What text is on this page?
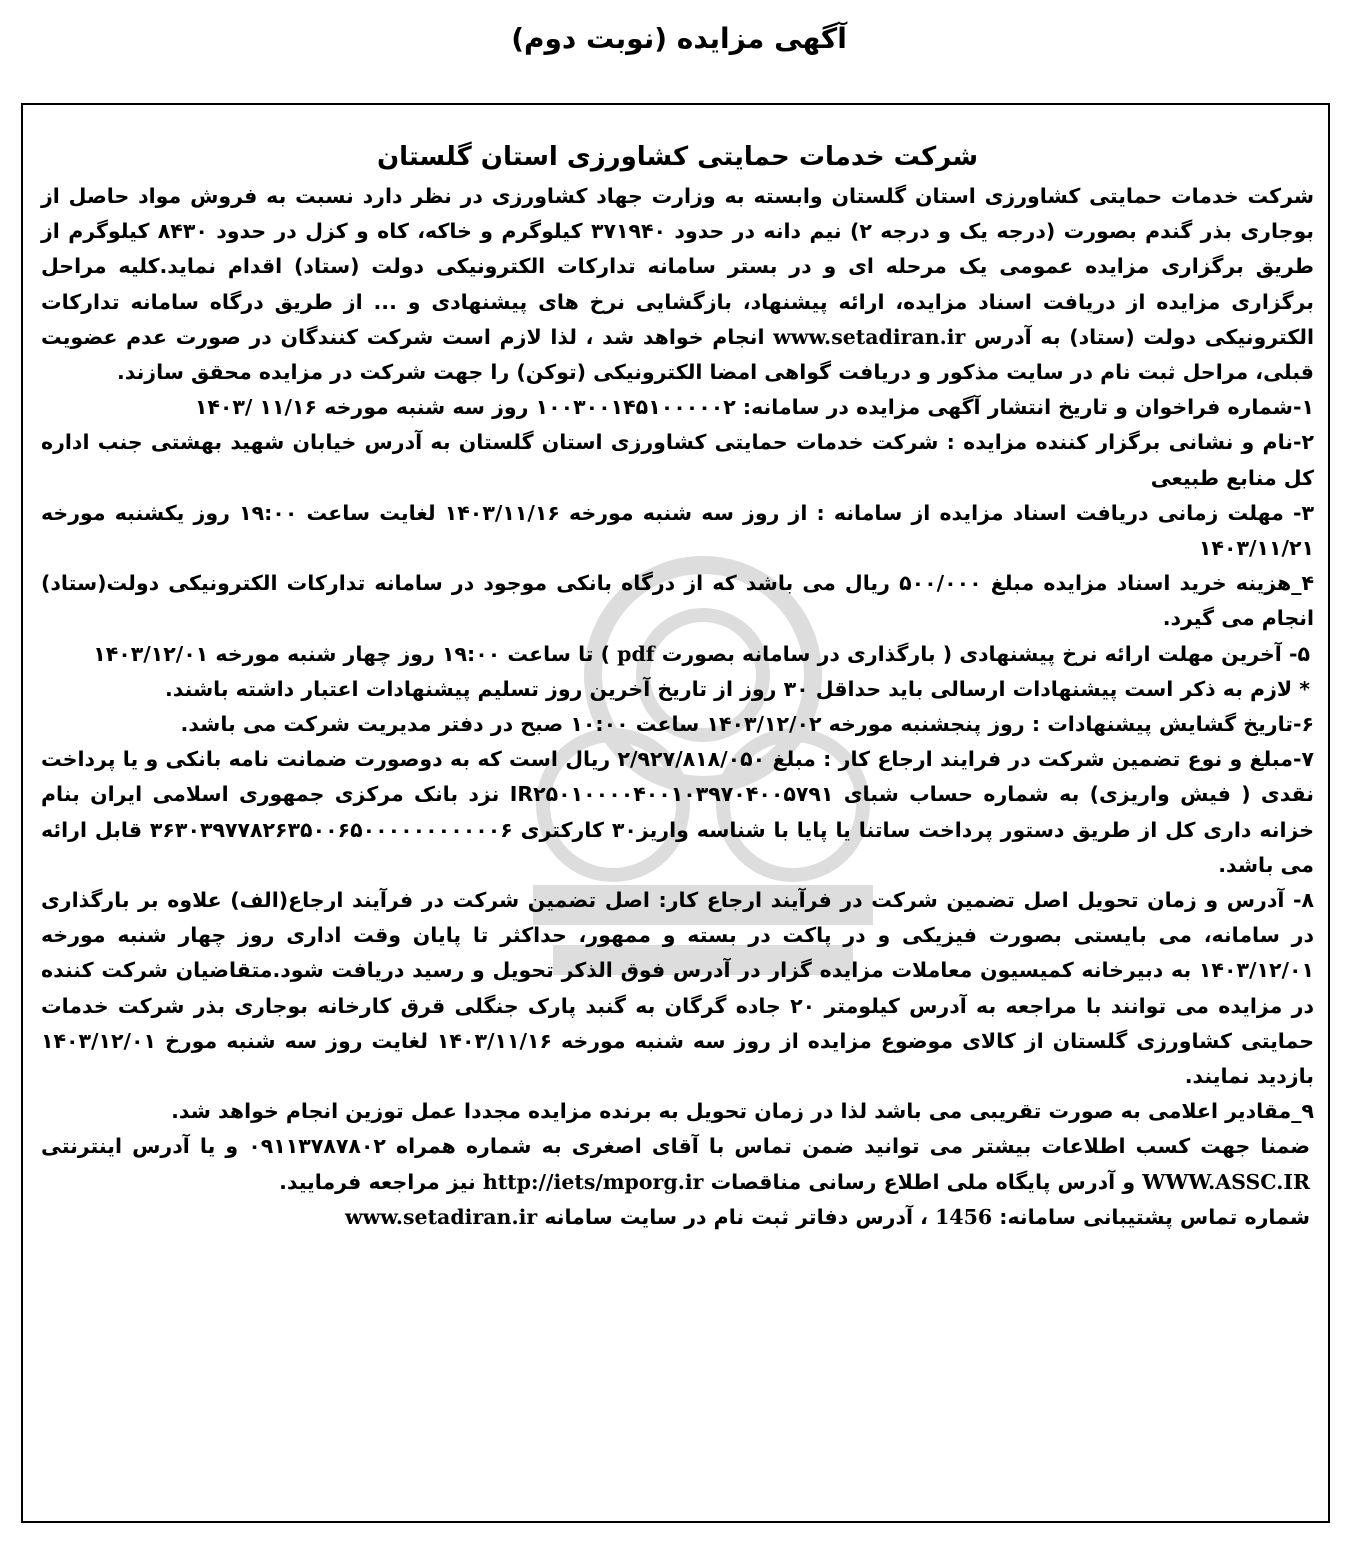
آگهی مزایده (نوبت دوم)
شرکت خدمات حمایتی کشاورزی استان گلستان

شرکت خدمات حمایتی کشاورزی استان گلستان وابسته به وزارت جهاد کشاورزی در نظر دارد نسبت به فروش مواد حاصل از بوجاری بذر گندم بصورت (درجه یک و درجه ۲) نیم دانه در حدود ۳۷۱۹۴۰ کیلوگرم و خاکه، کاه و کزل در حدود ۸۴۳۰ کیلوگرم از طریق برگزاری مزایده عمومی یک مرحله ای و در بستر سامانه تدارکات الکترونیکی دولت (ستاد) اقدام نماید.کلیه مراحل برگزاری مزایده از دریافت اسناد مزایده، ارائه پیشنهاد، بازگشایی نرخ های پیشنهادی و ... از طریق درگاه سامانه تدارکات الکترونیکی دولت (ستاد) به آدرس www.setadiran.ir انجام خواهد شد ، لذا لازم است شرکت کنندگان در صورت عدم عضویت قبلی، مراحل ثبت نام در سایت مذکور و دریافت گواهی امضا الکترونیکی (توکن) را جهت شرکت در مزایده محقق سازند.

۱-شماره فراخوان و تاریخ انتشار آگهی مزایده در سامانه: ۱۰۰۳۰۰۱۴۵۱۰۰۰۰۰۲ روز سه شنبه مورخه ۱۱/۱۶ /۱۴۰۳

۲-نام و نشانی برگزار کننده مزایده : شرکت خدمات حمایتی کشاورزی استان گلستان به آدرس خیابان شهید بهشتی جنب اداره کل منابع طبیعی

۳- مهلت زمانی دریافت اسناد مزایده از سامانه : از روز سه شنبه مورخه ۱۴۰۳/۱۱/۱۶ لغایت ساعت ۱۹:۰۰ روز یکشنبه مورخه ۱۴۰۳/۱۱/۲۱

۴_هزینه خرید اسناد مزایده مبلغ ۵۰۰/۰۰۰ ریال می باشد که از درگاه بانکی موجود در سامانه تدارکات الکترونیکی دولت(ستاد) انجام می گیرد.

۵- آخرین مهلت ارائه نرخ پیشنهادی ( بارگذاری در سامانه بصورت pdf ) تا ساعت ۱۹:۰۰ روز چهار شنبه مورخه ۱۴۰۳/۱۲/۰۱

* لازم به ذکر است پیشنهادات ارسالی باید حداقل ۳۰ روز از تاریخ آخرین روز تسلیم پیشنهادات اعتبار داشته باشند.

۶-تاریخ گشایش پیشنهادات : روز پنجشنبه مورخه ۱۴۰۳/۱۲/۰۲ ساعت ۱۰:۰۰ صبح در دفتر مدیریت شرکت می باشد.

۷-مبلغ و نوع تضمین شرکت در فرایند ارجاع کار : مبلغ ۲/۹۲۷/۸۱۸/۰۵۰ ریال است که به دوصورت ضمانت نامه بانکی و یا پرداخت نقدی ( فیش واریزی) به شماره حساب شبای IR۲۵۰۱۰۰۰۰۴۰۰۱۰۳۹۷۰۴۰۰۵۷۹۱ نزد بانک مرکزی جمهوری اسلامی ایران بنام خزانه داری کل از طریق دستور پرداخت ساتنا یا پایا با شناسه واریز۳۰ کارکتری ۳۶۳۰۳۹۷۷۸۲۶۳۵۰۰۶۵۰۰۰۰۰۰۰۰۰۰۰۶ قابل ارائه می باشد.

۸- آدرس و زمان تحویل اصل تضمین شرکت در فرآیند ارجاع کار: اصل تضمین شرکت در فرآیند ارجاع(الف) علاوه بر بارگذاری در سامانه، می بایستی بصورت فیزیکی و در پاکت در بسته و ممهور، حداکثر تا پایان وقت اداری روز چهار شنبه مورخه ۱۴۰۳/۱۲/۰۱ به دبیرخانه کمیسیون معاملات مزایده گزار در آدرس فوق الذکر تحویل و رسید دریافت شود.متقاضیان شرکت کننده در مزایده می توانند با مراجعه به آدرس کیلومتر ۲۰ جاده گرگان به گنبد پارک جنگلی قرق کارخانه بوجاری بذر شرکت خدمات حمایتی کشاورزی گلستان از کالای موضوع مزایده از روز سه شنبه مورخه ۱۴۰۳/۱۱/۱۶ لغایت روز سه شنبه مورخ ۱۴۰۳/۱۲/۰۱ بازدید نمایند.

۹_مقادیر اعلامی به صورت تقریبی می باشد لذا در زمان تحویل به برنده مزایده مجددا عمل توزین انجام خواهد شد.

ضمنا جهت کسب اطلاعات بیشتر می توانید ضمن تماس با آقای اصغری به شماره همراه ۰۹۱۱۳۷۸۷۸۰۲ و یا آدرس اینترنتی WWW.ASSC.IR و آدرس پایگاه ملی اطلاع رسانی مناقصات http://iets/mporg.ir نیز مراجعه فرمایید.

شماره تماس پشتیبانی سامانه: 1456 ، آدرس دفاتر ثبت نام در سایت سامانه www.setadiran.ir
